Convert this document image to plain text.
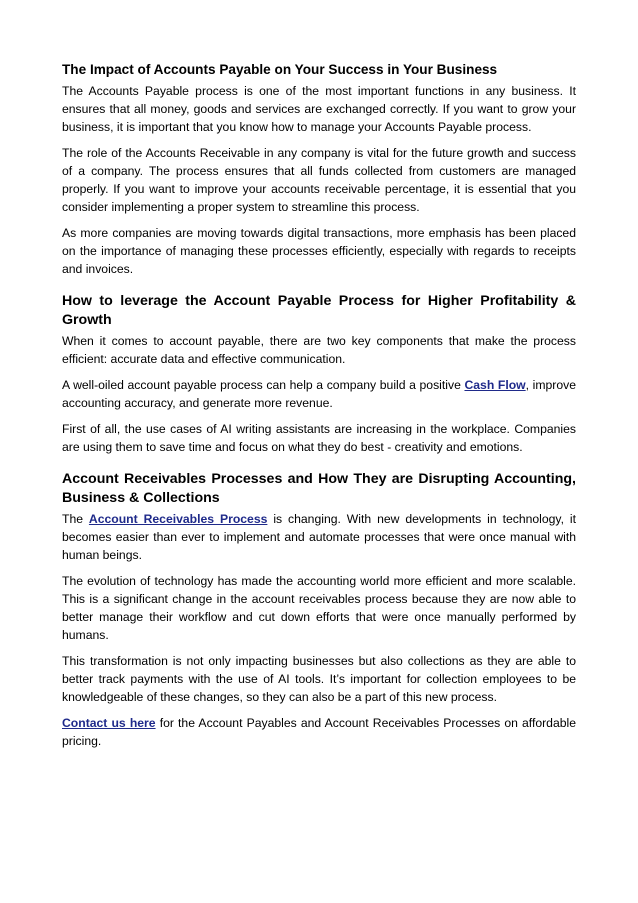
The Impact of Accounts Payable on Your Success in Your Business

The Accounts Payable process is one of the most important functions in any business. It ensures that all money, goods and services are exchanged correctly. If you want to grow your business, it is important that you know how to manage your Accounts Payable process.

The role of the Accounts Receivable in any company is vital for the future growth and success of a company. The process ensures that all funds collected from customers are managed properly. If you want to improve your accounts receivable percentage, it is essential that you consider implementing a proper system to streamline this process.

As more companies are moving towards digital transactions, more emphasis has been placed on the importance of managing these processes efficiently, especially with regards to receipts and invoices.

How to leverage the Account Payable Process for Higher Profitability & Growth

When it comes to account payable, there are two key components that make the process efficient: accurate data and effective communication.

A well-oiled account payable process can help a company build a positive Cash Flow, improve accounting accuracy, and generate more revenue.

First of all, the use cases of AI writing assistants are increasing in the workplace. Companies are using them to save time and focus on what they do best - creativity and emotions.

Account Receivables Processes and How They are Disrupting Accounting, Business & Collections

The Account Receivables Process is changing. With new developments in technology, it becomes easier than ever to implement and automate processes that were once manual with human beings.

The evolution of technology has made the accounting world more efficient and more scalable. This is a significant change in the account receivables process because they are now able to better manage their workflow and cut down efforts that were once manually performed by humans.

This transformation is not only impacting businesses but also collections as they are able to better track payments with the use of AI tools. It’s important for collection employees to be knowledgeable of these changes, so they can also be a part of this new process.

Contact us here for the Account Payables and Account Receivables Processes on affordable pricing.
